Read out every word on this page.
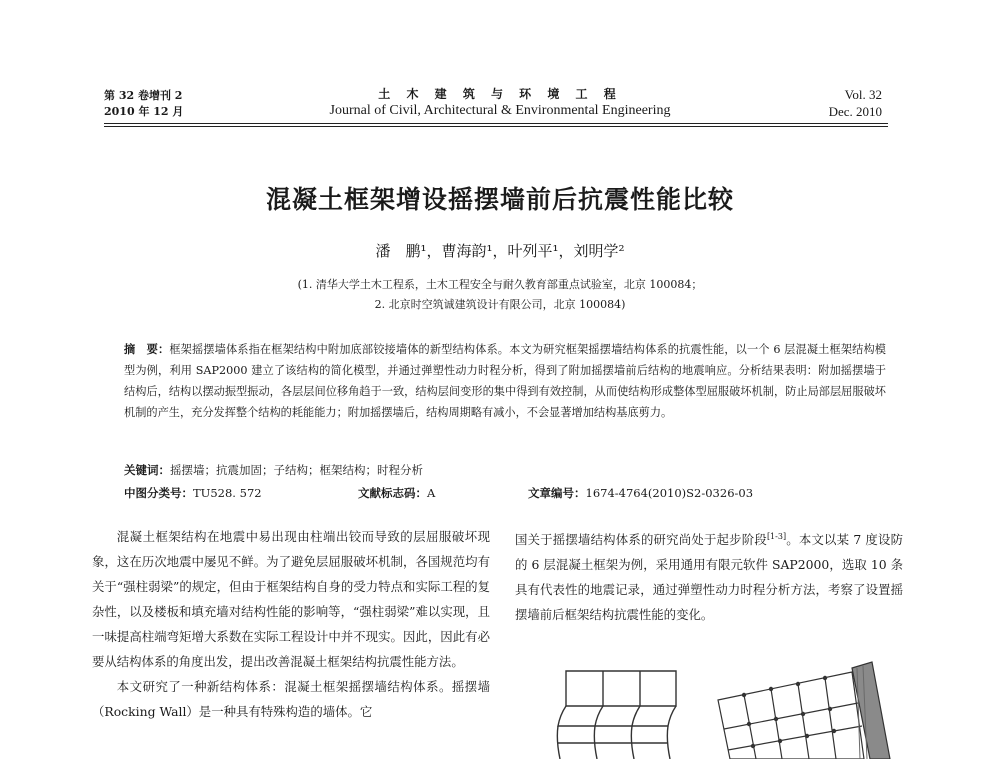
第 32 卷增刊 2
2010 年 12 月
土 木 建 筑 与 环 境 工 程
Journal of Civil, Architectural & Environmental Engineering
Vol. 32
Dec. 2010
混凝土框架增设摇摆墙前后抗震性能比较
潘　鹏¹，曹海韵¹，叶列平¹，刘明学²
(1. 清华大学土木工程系，土木工程安全与耐久教育部重点试验室，北京 100084；
2. 北京时空筑诚建筑设计有限公司，北京 100084)
摘　要：框架摇摆墙体系指在框架结构中附加底部铰接墙体的新型结构体系。本文为研究框架摇摆墙结构体系的抗震性能，以一个 6 层混凝土框架结构模型为例，利用 SAP2000 建立了该结构的简化模型，并通过弹塑性动力时程分析，得到了附加摇摆墙前后结构的地震响应。分析结果表明：附加摇摆墙于结构后，结构以摆动振型振动，各层层间位移角趋于一致，结构层间变形的集中得到有效控制，从而使结构形成整体型屈服破坏机制，防止局部层屈服破坏机制的产生，充分发挥整个结构的耗能能力；附加摇摆墙后，结构周期略有减小，不会显著增加结构基底剪力。
关键词：摇摆墙；抗震加固；子结构；框架结构；时程分析
中图分类号：TU528. 572	文献标志码：A	文章编号：1674-4764(2010)S2-0326-03

混凝土框架结构在地震中易出现由柱端出铰而导致的层屈服破坏现象，这在历次地震中屡见不鲜。为了避免层屈服破坏机制，各国规范均有关于“强柱弱梁”的规定，但由于框架结构自身的受力特点和实际工程的复杂性，以及楼板和填充墙对结构性能的影响等，“强柱弱梁”难以实现，且一味提高柱端弯矩增大系数在实际工程设计中并不现实。因此，因此有必要从结构体系的角度出发，提出改善混凝土框架结构抗震性能方法。

本文研究了一种新结构体系：混凝土框架摇摆墙结构体系。摇摆墙（Rocking Wall）是一种具有特殊构造的墙体。它

国关于摇摆墙结构体系的研究尚处于起步阶段[1-3]。本文以某 7 度设防的 6 层混凝土框架为例，采用通用有限元软件 SAP2000，选取 10 条具有代表性的地震记录，通过弹塑性动力时程分析方法，考察了设置摇摆墙前后框架结构抗震性能的变化。
